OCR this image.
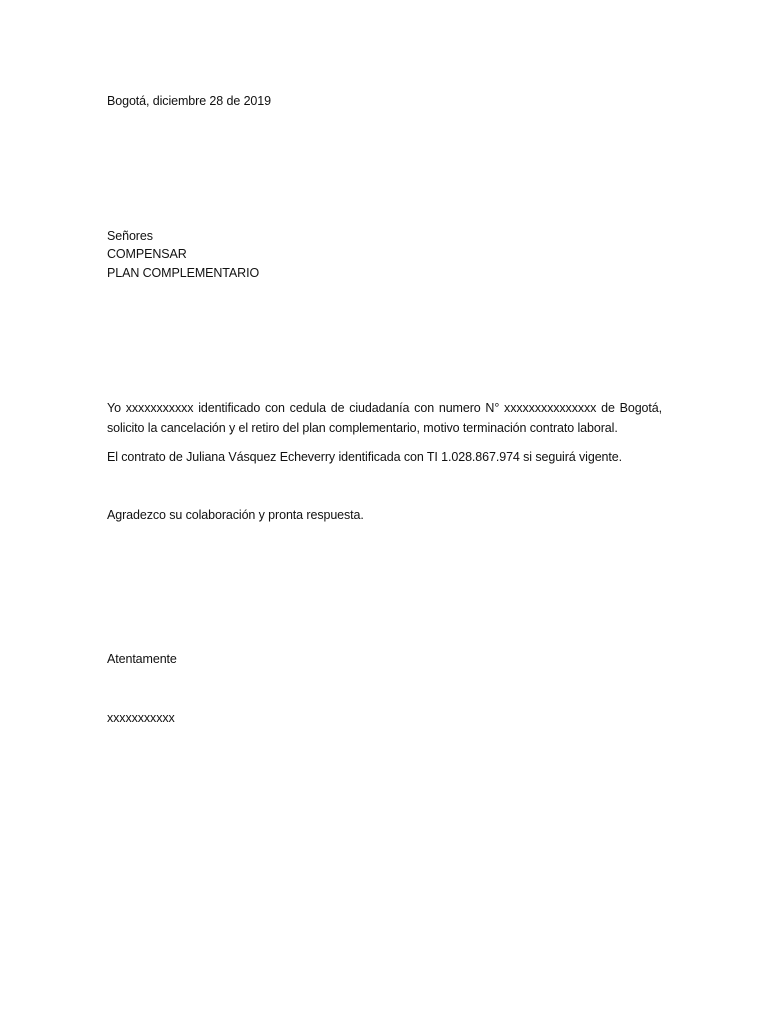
Bogotá, diciembre 28 de 2019
Señores
COMPENSAR
PLAN COMPLEMENTARIO
Yo xxxxxxxxxxx identificado con cedula de ciudadanía con numero N° xxxxxxxxxxxxxxx de Bogotá,
solicito la cancelación y el retiro del plan complementario, motivo terminación contrato laboral.
El contrato de Juliana Vásquez Echeverry identificada con TI 1.028.867.974 si seguirá vigente.
Agradezco su colaboración y pronta respuesta.
Atentamente
xxxxxxxxxxx
